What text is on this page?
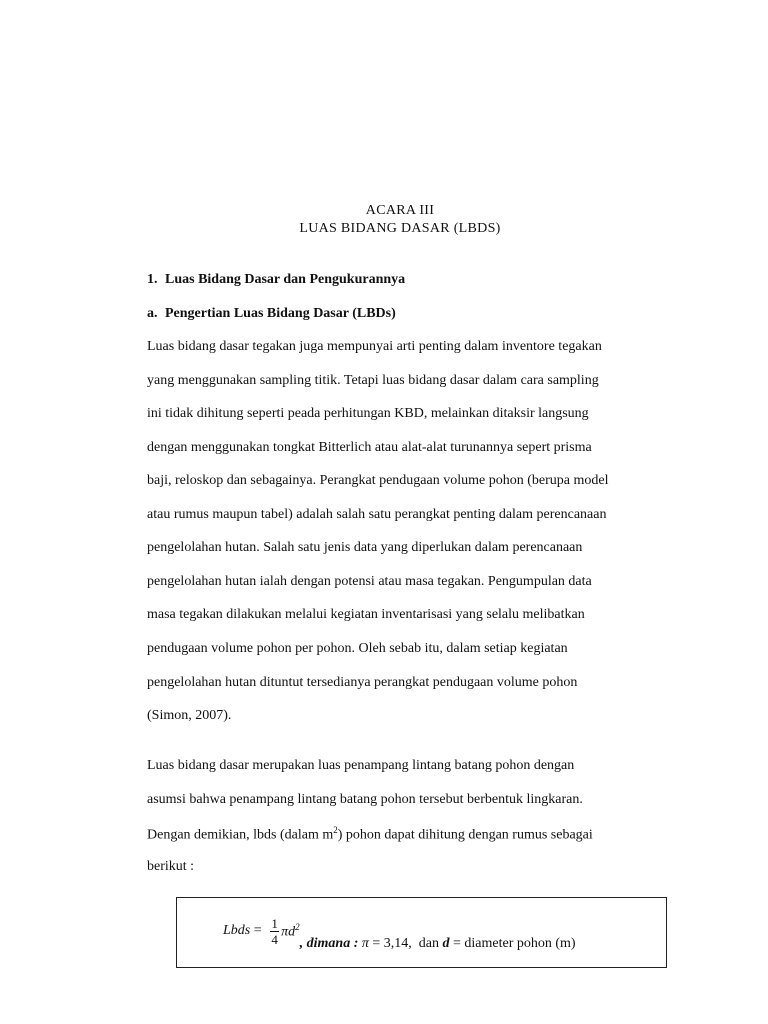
ACARA III
LUAS BIDANG DASAR (LBDS)
1. Luas Bidang Dasar dan Pengukurannya
a. Pengertian Luas Bidang Dasar (LBDs)
Luas bidang dasar tegakan juga mempunyai arti penting dalam inventore tegakan
yang menggunakan sampling titik. Tetapi luas bidang dasar dalam cara sampling
ini tidak dihitung seperti peada perhitungan KBD, melainkan ditaksir langsung
dengan menggunakan tongkat Bitterlich atau alat-alat turunannya sepert prisma
baji, reloskop dan sebagainya. Perangkat pendugaan volume pohon (berupa model
atau rumus maupun tabel) adalah salah satu perangkat penting dalam perencanaan
pengelolahan hutan. Salah satu jenis data yang diperlukan dalam perencanaan
pengelolahan hutan ialah dengan potensi atau masa tegakan. Pengumpulan data
masa tegakan dilakukan melalui kegiatan inventarisasi yang selalu melibatkan
pendugaan volume pohon per pohon. Oleh sebab itu, dalam setiap kegiatan
pengelolahan hutan dituntut tersedianya perangkat pendugaan volume pohon
(Simon, 2007).
Luas bidang dasar merupakan luas penampang lintang batang pohon dengan
asumsi bahwa penampang lintang batang pohon tersebut berbentuk lingkaran.
Dengan demikian, lbds (dalam $m^2$) pohon dapat dihitung dengan rumus sebagai
berikut :
Lbds = $\frac{1}{4} \pi d^2$
, dimana : π = 3,14,  dan d = diameter pohon (m)
